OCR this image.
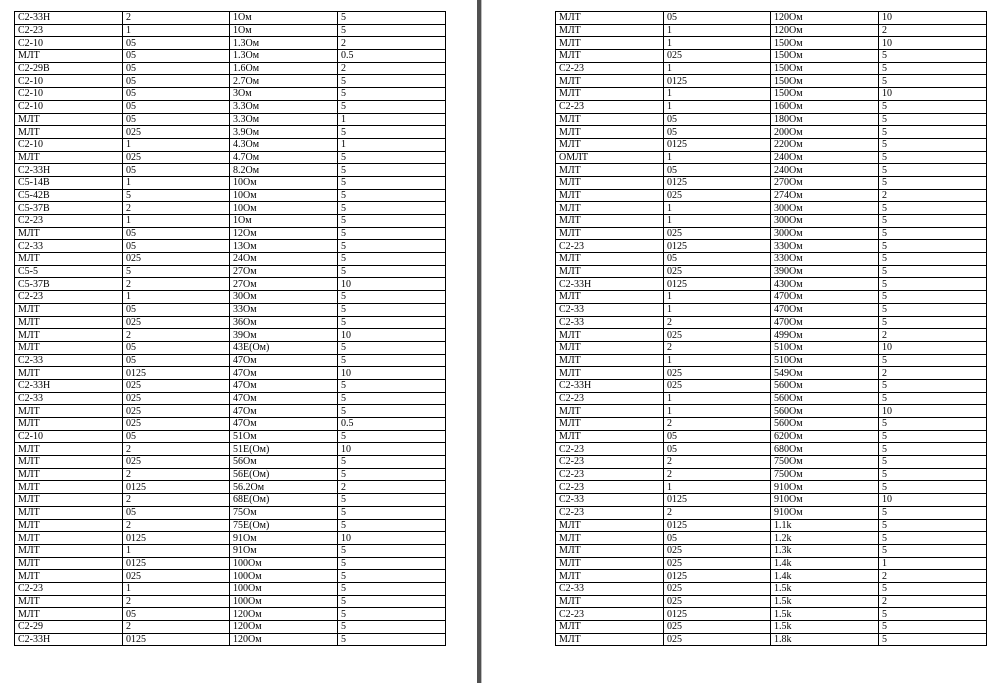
С2-33Н	2	1Ом	5
С2-23	1	1Ом	5
С2-10	05	1.3Ом	2
МЛТ	05	1.3Ом	0.5
С2-29В	05	1.6Ом	2
С2-10	05	2.7Ом	5
С2-10	05	3Ом	5
С2-10	05	3.3Ом	5
МЛТ	05	3.3Ом	1
МЛТ	025	3.9Ом	5
С2-10	1	4.3Ом	1
МЛТ	025	4.7Ом	5
С2-33Н	05	8.2Ом	5
С5-14В	1	10Ом	5
С5-42В	5	10Ом	5
С5-37В	2	10Ом	5
С2-23	1	1Ом	5
МЛТ	05	12Ом	5
С2-33	05	13Ом	5
МЛТ	025	24Ом	5
С5-5	5	27Ом	5
С5-37В	2	27Ом	10
С2-23	1	30Ом	5
МЛТ	05	33Ом	5
МЛТ	025	36Ом	5
МЛТ	2	39Ом	10
МЛТ	05	43Е(Ом)	5
С2-33	05	47Ом	5
МЛТ	0125	47Ом	10
С2-33Н	025	47Ом	5
С2-33	025	47Ом	5
МЛТ	025	47Ом	5
МЛТ	025	47Ом	0.5
С2-10	05	51Ом	5
МЛТ	2	51Е(Ом)	10
МЛТ	025	56Ом	5
МЛТ	2	56Е(Ом)	5
МЛТ	0125	56.2Ом	2
МЛТ	2	68Е(Ом)	5
МЛТ	05	75Ом	5
МЛТ	2	75Е(Ом)	5
МЛТ	0125	91Ом	10
МЛТ	1	91Ом	5
МЛТ	0125	100Ом	5
МЛТ	025	100Ом	5
С2-23	1	100Ом	5
МЛТ	2	100Ом	5
МЛТ	05	120Ом	5
С2-29	2	120Ом	5
С2-33Н	0125	120Ом	5
МЛТ	05	120Ом	10
МЛТ	1	120Ом	2
МЛТ	1	150Ом	10
МЛТ	025	150Ом	5
С2-23	1	150Ом	5
МЛТ	0125	150Ом	5
МЛТ	1	150Ом	10
С2-23	1	160Ом	5
МЛТ	05	180Ом	5
МЛТ	05	200Ом	5
МЛТ	0125	220Ом	5
ОМЛТ	1	240Ом	5
МЛТ	05	240Ом	5
МЛТ	0125	270Ом	5
МЛТ	025	274Ом	2
МЛТ	1	300Ом	5
МЛТ	1	300Ом	5
МЛТ	025	300Ом	5
С2-23	0125	330Ом	5
МЛТ	05	330Ом	5
МЛТ	025	390Ом	5
С2-33Н	0125	430Ом	5
МЛТ	1	470Ом	5
С2-33	1	470Ом	5
С2-33	2	470Ом	5
МЛТ	025	499Ом	2
МЛТ	2	510Ом	10
МЛТ	1	510Ом	5
МЛТ	025	549Ом	2
С2-33Н	025	560Ом	5
С2-23	1	560Ом	5
МЛТ	1	560Ом	10
МЛТ	2	560Ом	5
МЛТ	05	620Ом	5
С2-23	05	680Ом	5
С2-23	2	750Ом	5
С2-23	2	750Ом	5
С2-23	1	910Ом	5
С2-33	0125	910Ом	10
С2-23	2	910Ом	5
МЛТ	0125	1.1k	5
МЛТ	05	1.2k	5
МЛТ	025	1.3k	5
МЛТ	025	1.4k	1
МЛТ	0125	1.4k	2
С2-33	025	1.5k	5
МЛТ	025	1.5k	2
С2-23	0125	1.5k	5
МЛТ	025	1.5k	5
МЛТ	025	1.8k	5
